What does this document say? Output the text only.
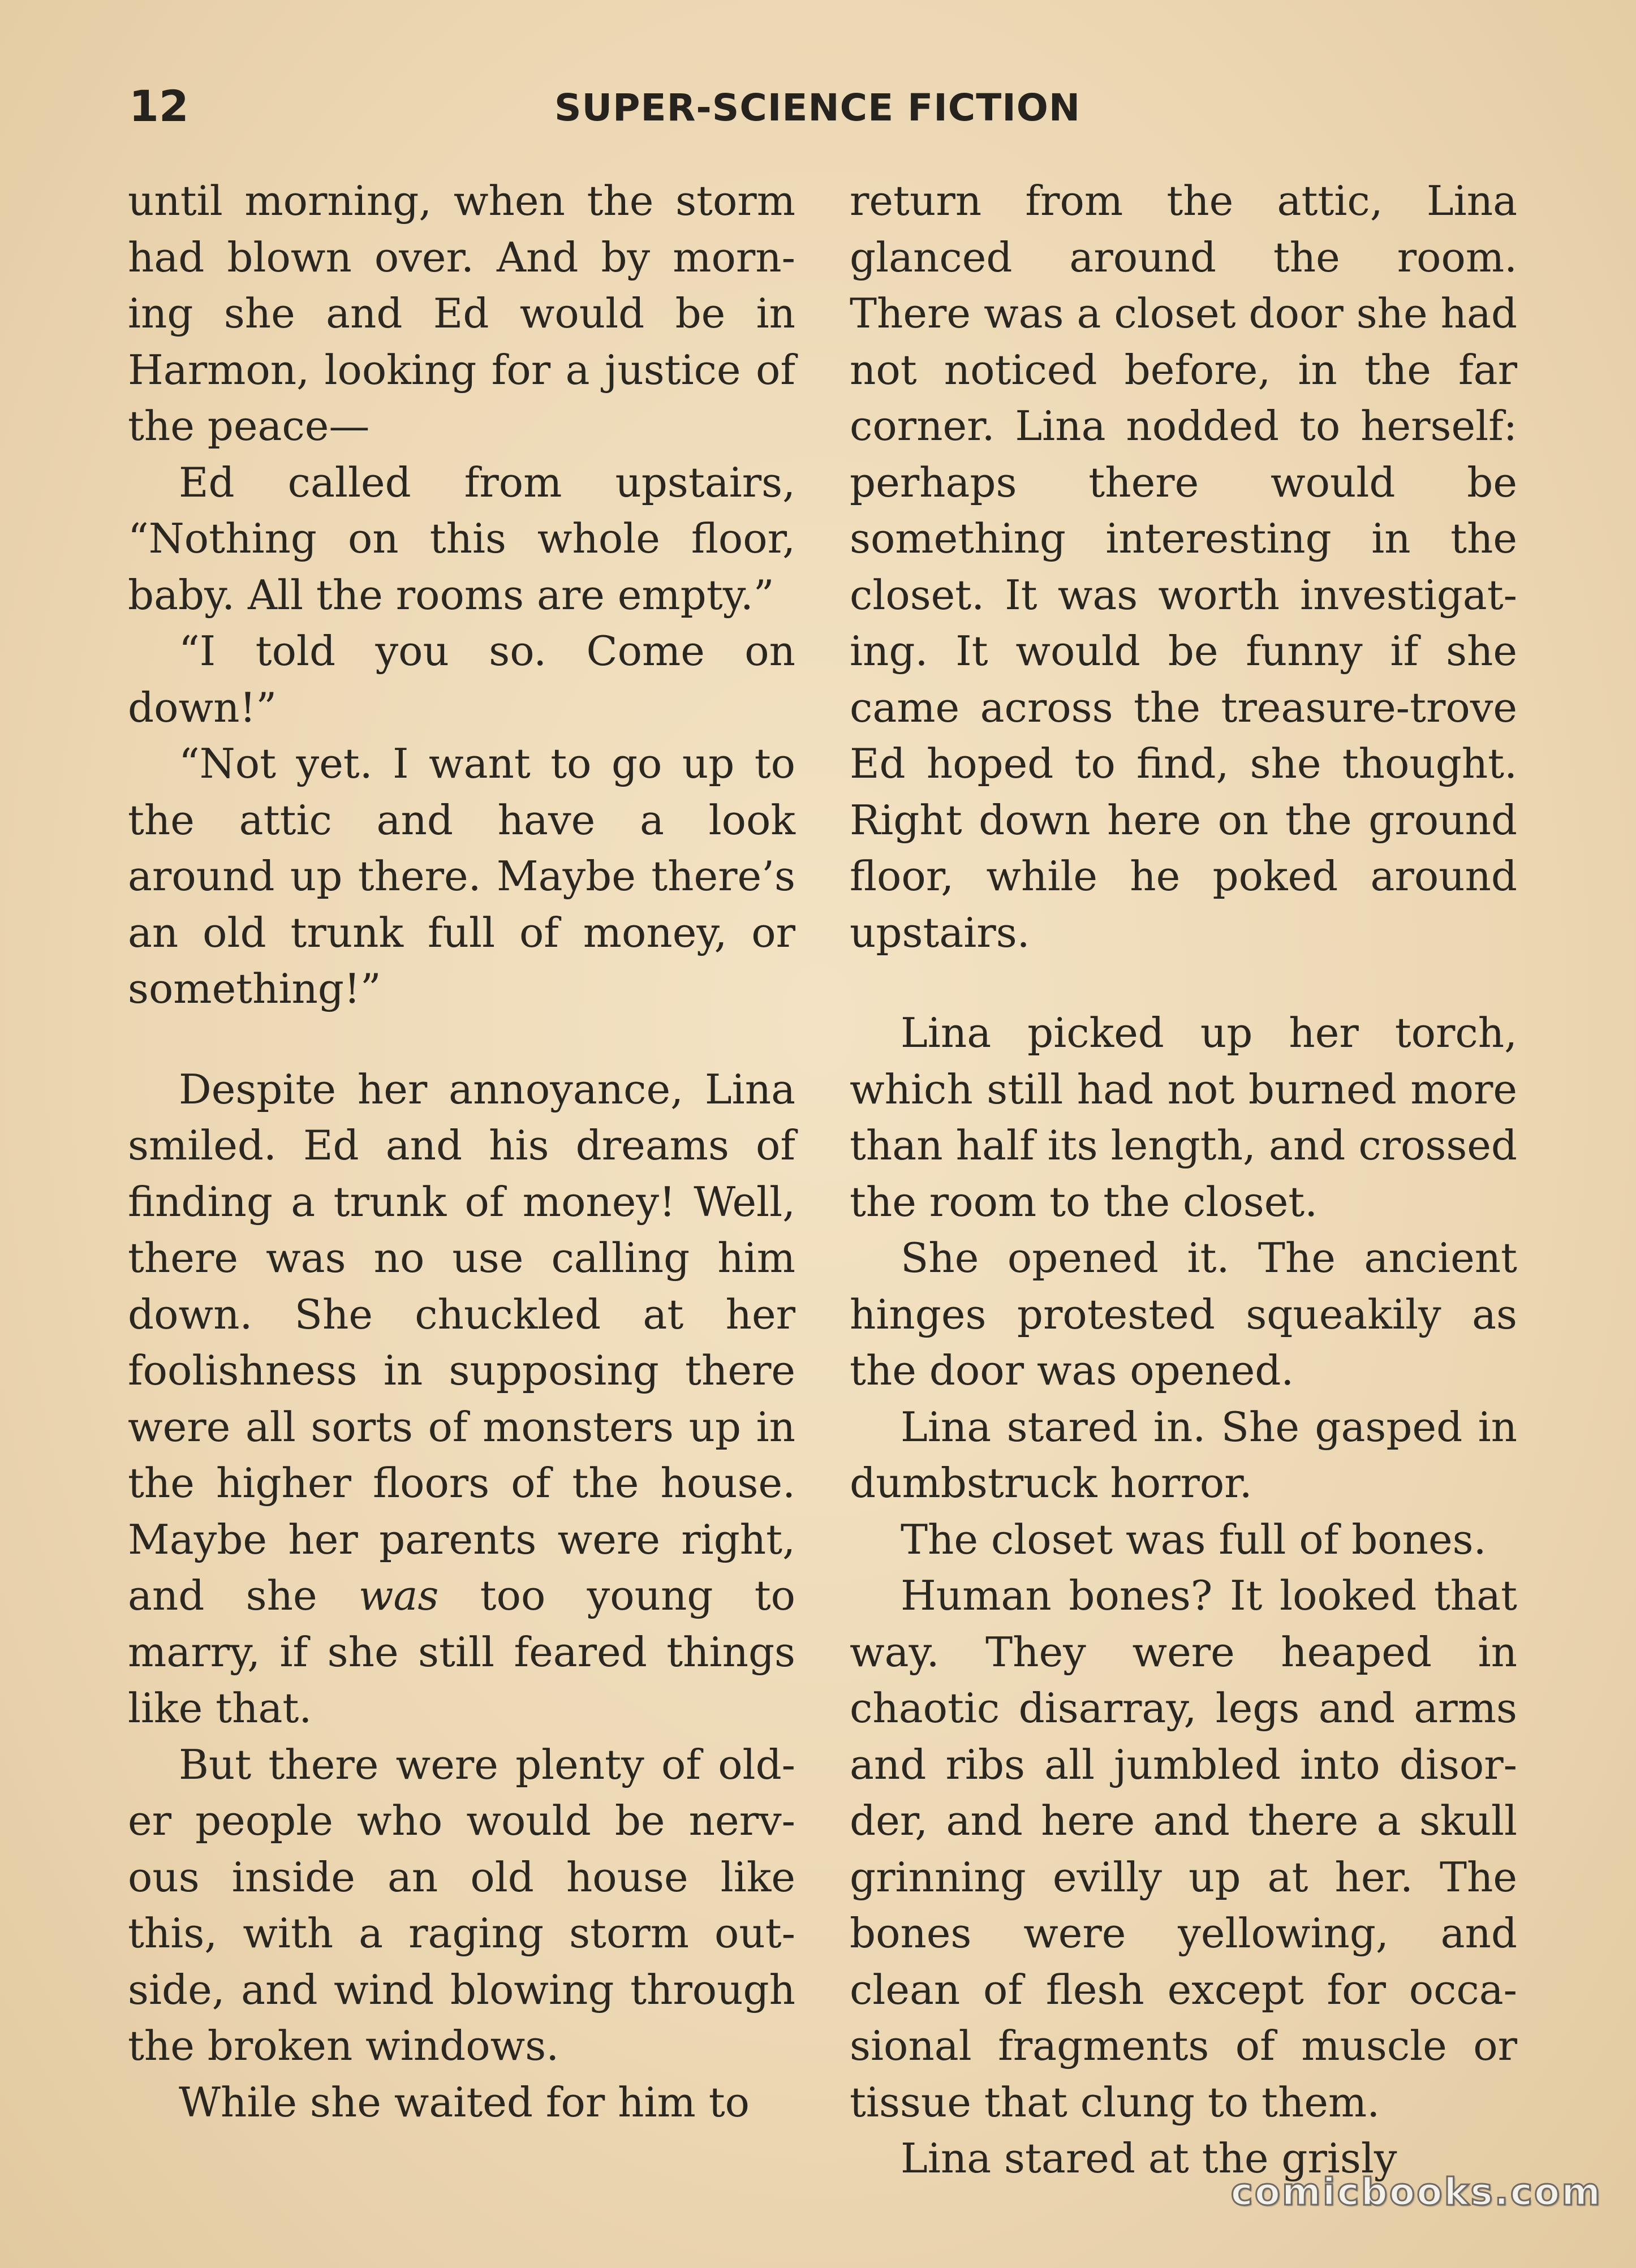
12	SUPER-SCIENCE FICTION

until morning, when the storm had blown over. And by morning she and Ed would be in Harmon, looking for a justice of the peace—

Ed called from upstairs, “Nothing on this whole floor, baby. All the rooms are empty.”

“I told you so. Come on down!”

“Not yet. I want to go up to the attic and have a look around up there. Maybe there’s an old trunk full of money, or something!”

Despite her annoyance, Lina smiled. Ed and his dreams of finding a trunk of money! Well, there was no use calling him down. She chuckled at her foolishness in supposing there were all sorts of monsters up in the higher floors of the house. Maybe her parents were right, and she was too young to marry, if she still feared things like that.

But there were plenty of older people who would be nervous inside an old house like this, with a raging storm outside, and wind blowing through the broken windows.

While she waited for him to

return from the attic, Lina glanced around the room. There was a closet door she had not noticed before, in the far corner. Lina nodded to herself: perhaps there would be something interesting in the closet. It was worth investigating. It would be funny if she came across the treasure-trove Ed hoped to find, she thought. Right down here on the ground floor, while he poked around upstairs.

Lina picked up her torch, which still had not burned more than half its length, and crossed the room to the closet.

She opened it. The ancient hinges protested squeakily as the door was opened.

Lina stared in. She gasped in dumbstruck horror.

The closet was full of bones.

Human bones? It looked that way. They were heaped in chaotic disarray, legs and arms and ribs all jumbled into disorder, and here and there a skull grinning evilly up at her. The bones were yellowing, and clean of flesh except for occasional fragments of muscle or tissue that clung to them.

Lina stared at the grisly

comicbooks.com
